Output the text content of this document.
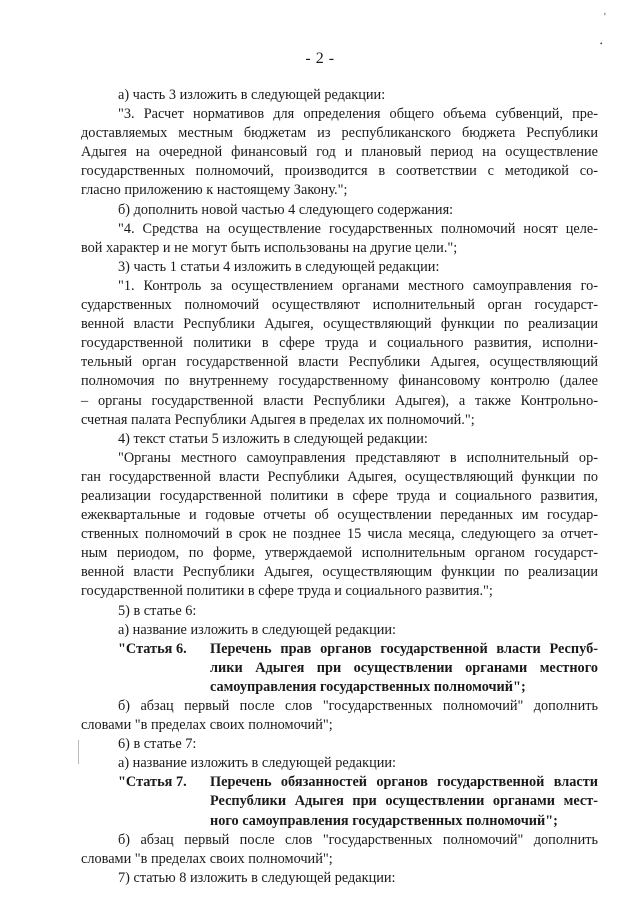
'
•
- 2 -
а) часть 3 изложить в следующей редакции:
"3. Расчет нормативов для определения общего объема субвенций, пре-
доставляемых местным бюджетам из республиканского бюджета Республики
Адыгея на очередной финансовый год и плановый период на осуществление
государственных полномочий, производится в соответствии с методикой со-
гласно приложению к настоящему Закону.";
б) дополнить новой частью 4 следующего содержания:
"4. Средства на осуществление государственных полномочий носят целе-
вой характер и не могут быть использованы на другие цели.";
3) часть 1 статьи 4 изложить в следующей редакции:
"1. Контроль за осуществлением органами местного самоуправления го-
сударственных полномочий осуществляют исполнительный орган государст-
венной власти Республики Адыгея, осуществляющий функции по реализации
государственной политики в сфере труда и социального развития, исполни-
тельный орган государственной власти Республики Адыгея, осуществляющий
полномочия по внутреннему государственному финансовому контролю (далее
– органы государственной власти Республики Адыгея), а также Контрольно-
счетная палата Республики Адыгея в пределах их полномочий.";
4) текст статьи 5 изложить в следующей редакции:
"Органы местного самоуправления представляют в исполнительный ор-
ган государственной власти Республики Адыгея, осуществляющий функции по
реализации государственной политики в сфере труда и социального развития,
ежеквартальные и годовые отчеты об осуществлении переданных им государ-
ственных полномочий в срок не позднее 15 числа месяца, следующего за отчет-
ным периодом, по форме, утверждаемой исполнительным органом государст-
венной власти Республики Адыгея, осуществляющим функции по реализации
государственной политики в сфере труда и социального развития.";
5) в статье 6:
а) название изложить в следующей редакции:
"Статья 6.	Перечень прав органов государственной власти Респуб-
лики Адыгея при осуществлении органами местного
самоуправления государственных полномочий";
б) абзац первый после слов "государственных полномочий" дополнить
словами "в пределах своих полномочий";
6) в статье 7:
а) название изложить в следующей редакции:
"Статья 7.	Перечень обязанностей органов государственной власти
Республики Адыгея при осуществлении органами мест-
ного самоуправления государственных полномочий";
б) абзац первый после слов "государственных полномочий" дополнить
словами "в пределах своих полномочий";
7) статью 8 изложить в следующей редакции:
